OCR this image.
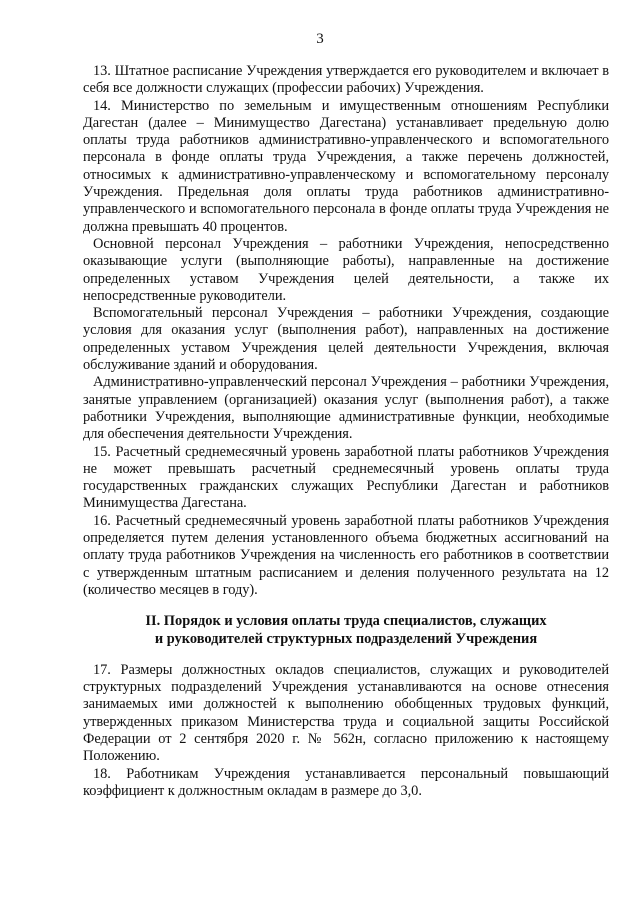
3

13. Штатное расписание Учреждения утверждается его руководителем и включает в себя все должности служащих (профессии рабочих) Учреждения.

14. Министерство по земельным и имущественным отношениям Республики Дагестан (далее – Минимущество Дагестана) устанавливает предельную долю оплаты труда работников административно-управленческого и вспомогательного персонала в фонде оплаты труда Учреждения, а также перечень должностей, относимых к административно-управленческому и вспомогательному персоналу Учреждения. Предельная доля оплаты труда работников административно-управленческого и вспомогательного персонала в фонде оплаты труда Учреждения не должна превышать 40 процентов.

Основной персонал Учреждения – работники Учреждения, непосредственно оказывающие услуги (выполняющие работы), направленные на достижение определенных уставом Учреждения целей деятельности, а также их непосредственные руководители.

Вспомогательный персонал Учреждения – работники Учреждения, создающие условия для оказания услуг (выполнения работ), направленных на достижение определенных уставом Учреждения целей деятельности Учреждения, включая обслуживание зданий и оборудования.

Административно-управленческий персонал Учреждения – работники Учреждения, занятые управлением (организацией) оказания услуг (выполнения работ), а также работники Учреждения, выполняющие административные функции, необходимые для обеспечения деятельности Учреждения.

15. Расчетный среднемесячный уровень заработной платы работников Учреждения не может превышать расчетный среднемесячный уровень оплаты труда государственных гражданских служащих Республики Дагестан и работников Минимущества Дагестана.

16. Расчетный среднемесячный уровень заработной платы работников Учреждения определяется путем деления установленного объема бюджетных ассигнований на оплату труда работников Учреждения на численность его работников в соответствии с утвержденным штатным расписанием и деления полученного результата на 12 (количество месяцев в году).

II. Порядок и условия оплаты труда специалистов, служащих
и руководителей структурных подразделений Учреждения

17. Размеры должностных окладов специалистов, служащих и руководителей структурных подразделений Учреждения устанавливаются на основе отнесения занимаемых ими должностей к выполнению обобщенных трудовых функций, утвержденных приказом Министерства труда и социальной защиты Российской Федерации от 2 сентября 2020 г. № 562н, согласно приложению к настоящему Положению.

18. Работникам Учреждения устанавливается персональный повышающий коэффициент к должностным окладам в размере до 3,0.
